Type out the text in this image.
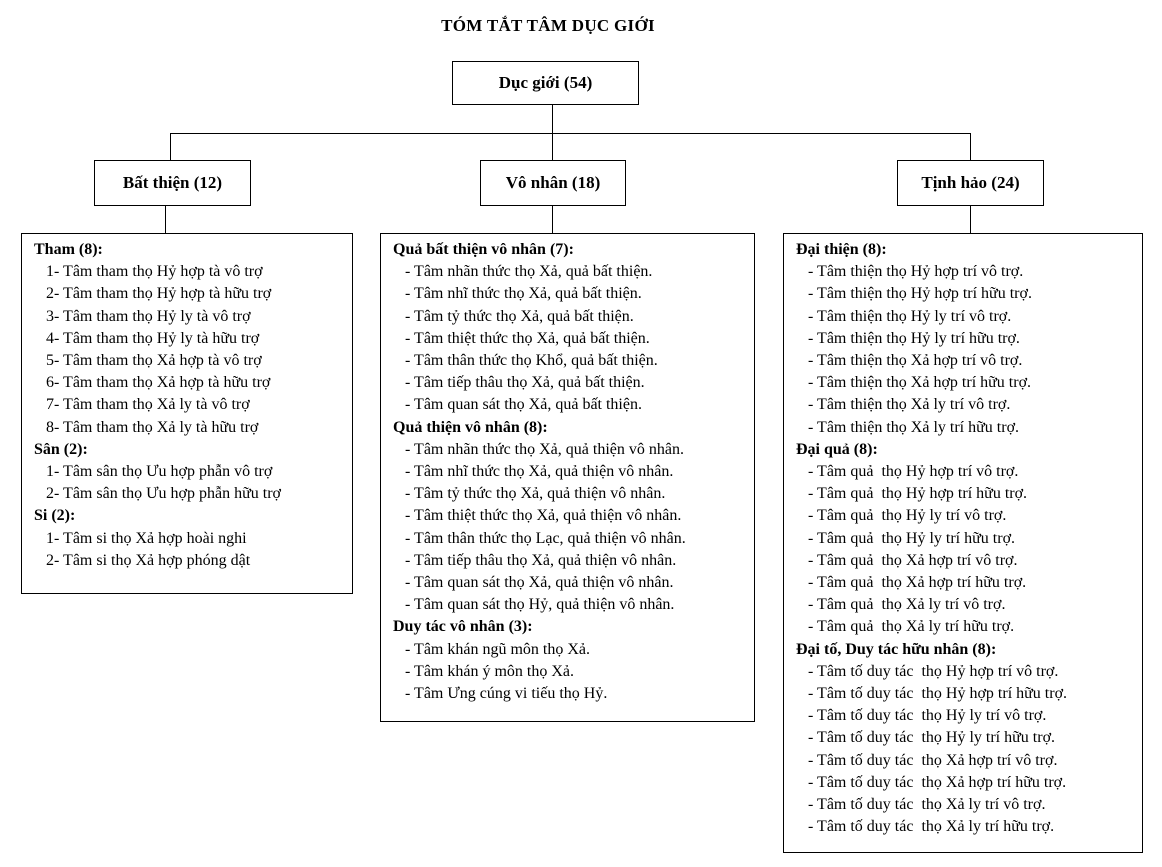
TÓM TẮT TÂM DỤC GIỚI
Dục giới (54)
Bất thiện (12)	Vô nhân (18)	Tịnh hảo (24)
Tham (8):
1- Tâm tham thọ Hỷ hợp tà vô trợ
2- Tâm tham thọ Hỷ hợp tà hữu trợ
3- Tâm tham thọ Hỷ ly tà vô trợ
4- Tâm tham thọ Hỷ ly tà hữu trợ
5- Tâm tham thọ Xả hợp tà vô trợ
6- Tâm tham thọ Xả hợp tà hữu trợ
7- Tâm tham thọ Xả ly tà vô trợ
8- Tâm tham thọ Xả ly tà hữu trợ
Sân (2):
1- Tâm sân thọ Ưu hợp phẫn vô trợ
2- Tâm sân thọ Ưu hợp phẫn hữu trợ
Si (2):
1- Tâm si thọ Xả hợp hoài nghi
2- Tâm si thọ Xả hợp phóng dật
Quả bất thiện vô nhân (7):
- Tâm nhãn thức thọ Xả, quả bất thiện.
- Tâm nhĩ thức thọ Xả, quả bất thiện.
- Tâm tỷ thức thọ Xả, quả bất thiện.
- Tâm thiệt thức thọ Xả, quả bất thiện.
- Tâm thân thức thọ Khổ, quả bất thiện.
- Tâm tiếp thâu thọ Xả, quả bất thiện.
- Tâm quan sát thọ Xả, quả bất thiện.
Quả thiện vô nhân (8):
- Tâm nhãn thức thọ Xả, quả thiện vô nhân.
- Tâm nhĩ thức thọ Xả, quả thiện vô nhân.
- Tâm tỷ thức thọ Xả, quả thiện vô nhân.
- Tâm thiệt thức thọ Xả, quả thiện vô nhân.
- Tâm thân thức thọ Lạc, quả thiện vô nhân.
- Tâm tiếp thâu thọ Xả, quả thiện vô nhân.
- Tâm quan sát thọ Xả, quả thiện vô nhân.
- Tâm quan sát thọ Hỷ, quả thiện vô nhân.
Duy tác vô nhân (3):
- Tâm khán ngũ môn thọ Xả.
- Tâm khán ý môn thọ Xả.
- Tâm Ưng cúng vi tiếu thọ Hỷ.
Đại thiện (8):
- Tâm thiện thọ Hỷ hợp trí vô trợ.
- Tâm thiện thọ Hỷ hợp trí hữu trợ.
- Tâm thiện thọ Hỷ ly trí vô trợ.
- Tâm thiện thọ Hỷ ly trí hữu trợ.
- Tâm thiện thọ Xả hợp trí vô trợ.
- Tâm thiện thọ Xả hợp trí hữu trợ.
- Tâm thiện thọ Xả ly trí vô trợ.
- Tâm thiện thọ Xả ly trí hữu trợ.
Đại quả (8):
- Tâm quả  thọ Hỷ hợp trí vô trợ.
- Tâm quả  thọ Hỷ hợp trí hữu trợ.
- Tâm quả  thọ Hỷ ly trí vô trợ.
- Tâm quả  thọ Hỷ ly trí hữu trợ.
- Tâm quả  thọ Xả hợp trí vô trợ.
- Tâm quả  thọ Xả hợp trí hữu trợ.
- Tâm quả  thọ Xả ly trí vô trợ.
- Tâm quả  thọ Xả ly trí hữu trợ.
Đại tố, Duy tác hữu nhân (8):
- Tâm tố duy tác  thọ Hỷ hợp trí vô trợ.
- Tâm tố duy tác  thọ Hỷ hợp trí hữu trợ.
- Tâm tố duy tác  thọ Hỷ ly trí vô trợ.
- Tâm tố duy tác  thọ Hỷ ly trí hữu trợ.
- Tâm tố duy tác  thọ Xả hợp trí vô trợ.
- Tâm tố duy tác  thọ Xả hợp trí hữu trợ.
- Tâm tố duy tác  thọ Xả ly trí vô trợ.
- Tâm tố duy tác  thọ Xả ly trí hữu trợ.
